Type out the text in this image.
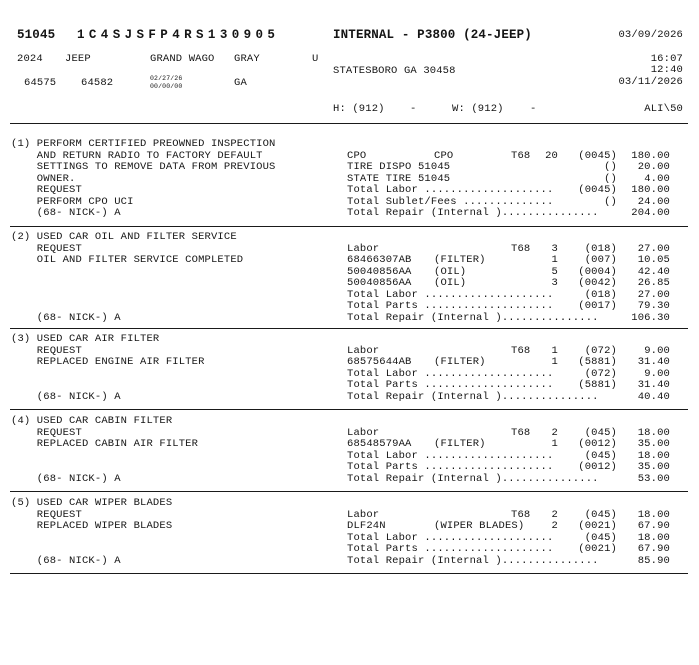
51045 1C4SJSFP4RS130905	INTERNAL - P3800 (24-JEEP)	03/09/2026
2024 JEEP	GRAND WAGO GRAY	U	16:07
STATESBORO GA 30458	12:40
64575 64582	02/27/26
00/00/00	GA	03/11/2026
H: (912) -	W: (912)	-	ALI\50
(1) PERFORM CERTIFIED PREOWNED INSPECTION
AND RETURN RADIO TO FACTORY DEFAULT
SETTINGS TO REMOVE DATA FROM PREVIOUS
OWNER.
REQUEST
PERFORM CPO UCI
(68- NICK-) A
CPO	CPO	T68	20	(0045)	180.00
TIRE DISPO 51045	()	20.00
STATE TIRE 51045	()	4.00
Total Labor ....................	(0045)	180.00
Total Sublet/Fees ..............	()	24.00
Total Repair (Internal )...............	204.00
(2) USED CAR OIL AND FILTER SERVICE
REQUEST
OIL AND FILTER SERVICE COMPLETED
(68- NICK-) A
Labor	T68	3	(018)	27.00
68466307AB (FILTER)	1	(007)	10.05
50040856AA (OIL)	5	(0004)	42.40
50040856AA (OIL)	3	(0042)	26.85
Total Labor ....................	(018)	27.00
Total Parts ....................	(0017)	79.30
Total Repair (Internal )...............	106.30
(3) USED CAR AIR FILTER
REQUEST
REPLACED ENGINE AIR FILTER
(68- NICK-) A
Labor	T68	1	(072)	9.00
68575644AB (FILTER)	1	(5881)	31.40
Total Labor ....................	(072)	9.00
Total Parts ....................	(5881)	31.40
Total Repair (Internal )...............	40.40
(4) USED CAR CABIN FILTER
REQUEST
REPLACED CABIN AIR FILTER
(68- NICK-) A
Labor	T68	2	(045)	18.00
68548579AA (FILTER)	1	(0012)	35.00
Total Labor ....................	(045)	18.00
Total Parts ....................	(0012)	35.00
Total Repair (Internal )...............	53.00
(5) USED CAR WIPER BLADES
REQUEST
REPLACED WIPER BLADES
(68- NICK-) A
Labor	T68	2	(045)	18.00
DLF24N	(WIPER BLADES)	2	(0021)	67.90
Total Labor ....................	(045)	18.00
Total Parts ....................	(0021)	67.90
Total Repair (Internal )...............	85.90
